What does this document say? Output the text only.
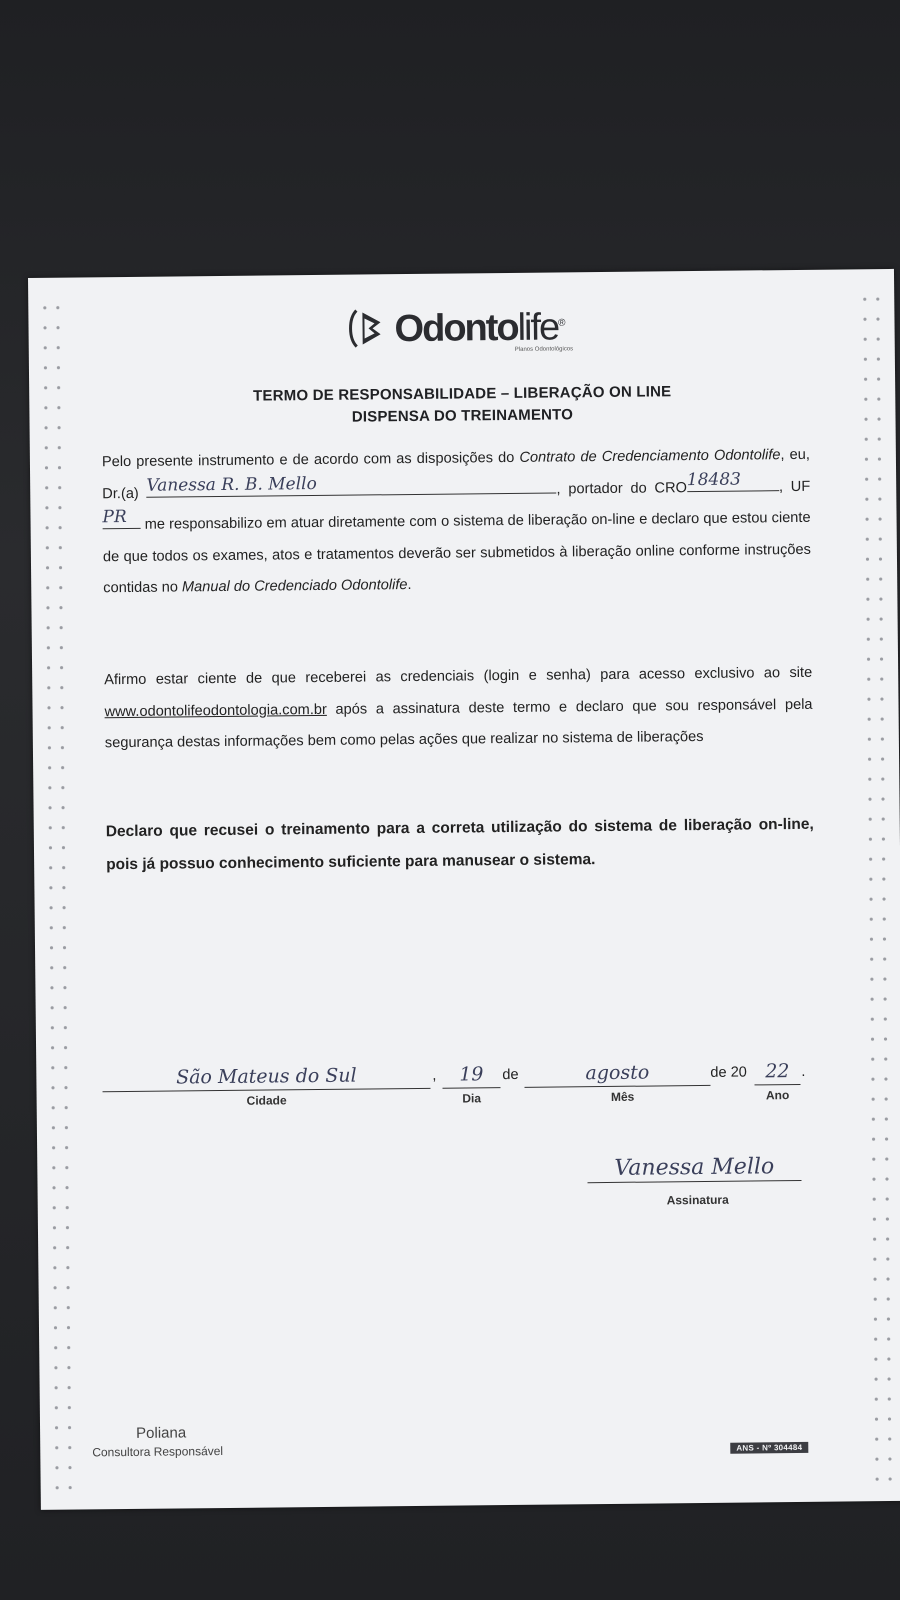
Odontolife®
Planos Odontológicos
TERMO DE RESPONSABILIDADE – LIBERAÇÃO ON LINE
DISPENSA DO TREINAMENTO
Pelo presente instrumento e de acordo com as disposições do Contrato de Credenciamento Odontolife, eu, Dr.(a) Vanessa R. B. Mello	, portador do CRO 18483	, UF
PR me responsabilizo em atuar diretamente com o sistema de liberação on-line e declaro que estou ciente de que todos os exames, atos e tratamentos deverão ser submetidos à liberação online conforme instruções contidas no Manual do Credenciado Odontolife.
Afirmo estar ciente de que receberei as credenciais (login e senha) para acesso exclusivo ao site www.odontolifeodontologia.com.br após a assinatura deste termo e declaro que sou responsável pela segurança destas informações bem como pelas ações que realizar no sistema de liberações
Declaro que recusei o treinamento para a correta utilização do sistema de liberação on-line, pois já possuo conhecimento suficiente para manusear o sistema.
São Mateus do Sul	,
Cidade
19
Dia
de	agosto
Mês
de 20 22 .
Ano
Vanessa Mello
Assinatura
Poliana
Consultora Responsável	ANS - Nº 304484
